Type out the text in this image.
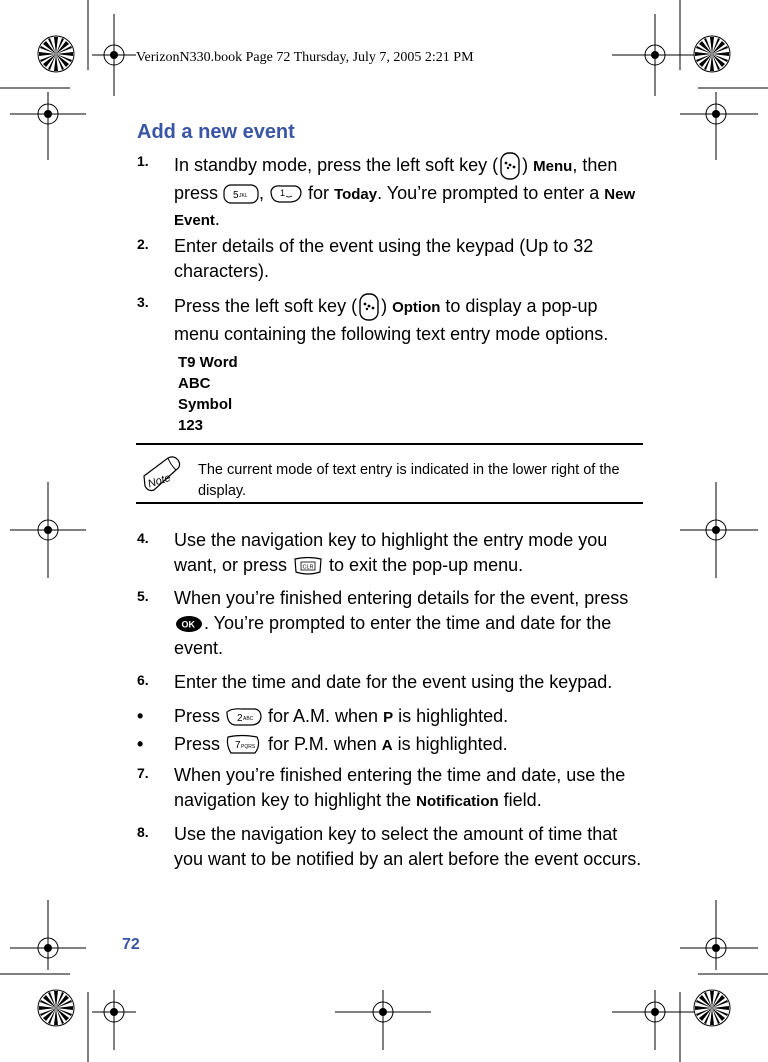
VerizonN330.book Page 72 Thursday, July 7, 2005 2:21 PM
Add a new event
1. In standby mode, press the left soft key ( ) Menu, then press 5 JKL , 1 for Today. You’re prompted to enter a New Event.
2. Enter details of the event using the keypad (Up to 32 characters).
3. Press the left soft key ( ) Option to display a pop-up menu containing the following text entry mode options.
T9 Word
ABC
Symbol
123
Note
The current mode of text entry is indicated in the lower right of the display.
4. Use the navigation key to highlight the entry mode you want, or press CLR to exit the pop-up menu.
5. When you’re finished entering details for the event, press
OK . You’re prompted to enter the time and date for the event.
6. Enter the time and date for the event using the keypad.
• Press 2 ABC for A.M. when P is highlighted.
• Press 7 PQRS for P.M. when A is highlighted.
7. When you’re finished entering the time and date, use the navigation key to highlight the Notification field.
8. Use the navigation key to select the amount of time that you want to be notified by an alert before the event occurs.
72
